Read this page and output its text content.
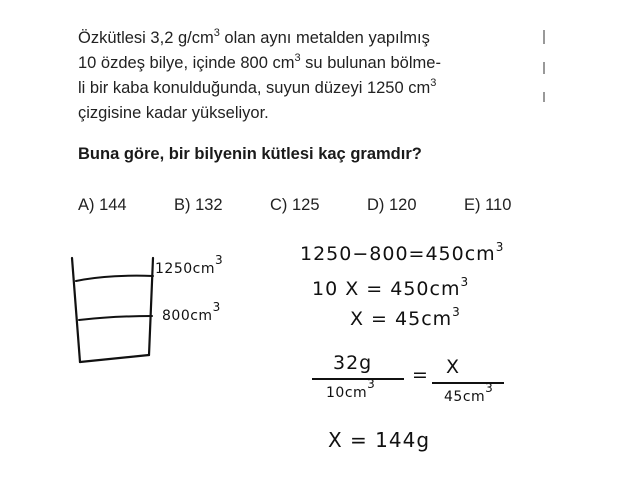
Özkütlesi 3,2 $g/cm^3$ olan aynı metalden yapılmış
10 özdeş bilye, içinde 800 $cm^3$ su bulunan bölme-
li bir kaba konulduğunda, suyun düzeyi 1250 $cm^3$
çizgisine kadar yükseliyor.
Buna göre, bir bilyenin kütlesi kaç gramdır?
A) 144	B) 132	C) 125	D) 120	E) 110
$1250cm^3$
$800cm^3$
$1250-800=450cm^3$
10 $X = 450cm^3$
$X = 45cm^3$
32g
$10cm^3 = X$
$45cm^3$
X = 144g
